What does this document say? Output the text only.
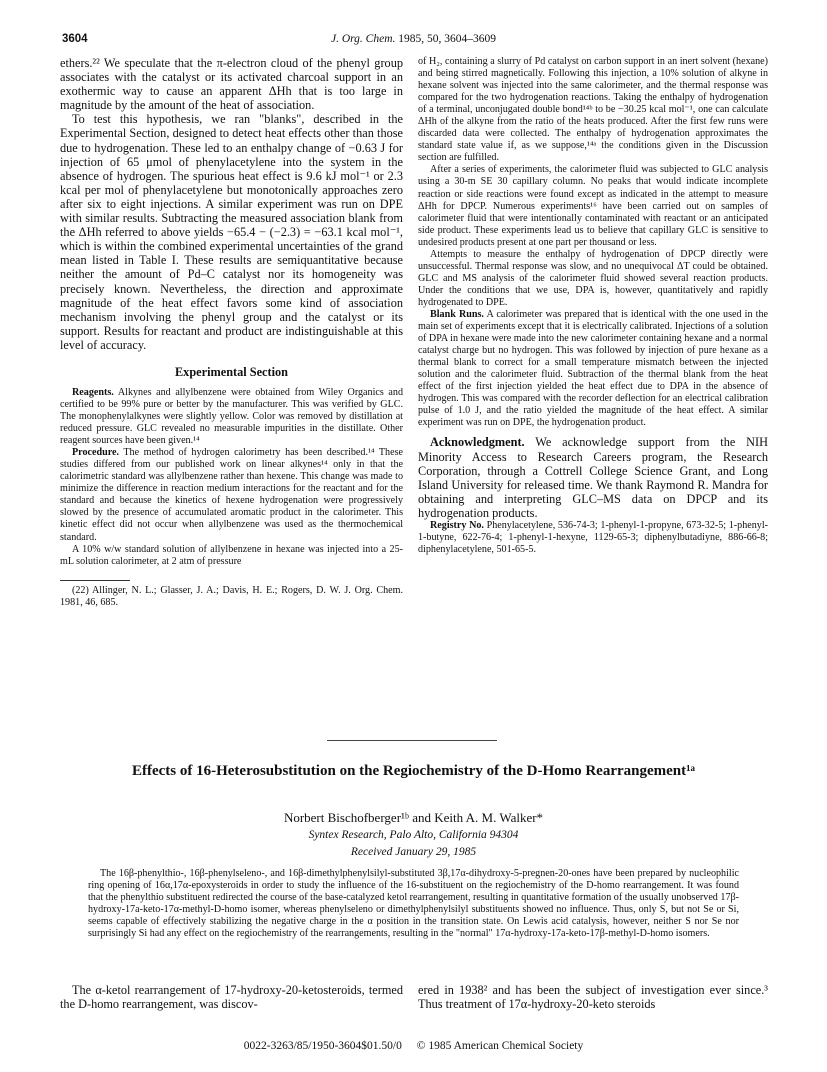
3604	J. Org. Chem. 1985, 50, 3604–3609

ethers.²² We speculate that the π-electron cloud of the phenyl group associates with the catalyst or its activated charcoal support in an exothermic way to cause an apparent ΔHh that is too large in magnitude by the amount of the heat of association.

To test this hypothesis, we ran "blanks", described in the Experimental Section, designed to detect heat effects other than those due to hydrogenation. These led to an enthalpy change of −0.63 J for injection of 65 μmol of phenylacetylene into the system in the absence of hydrogen. The spurious heat effect is 9.6 kJ mol⁻¹ or 2.3 kcal per mol of phenylacetylene but monotonically approaches zero after six to eight injections. A similar experiment was run on DPE with similar results. Subtracting the measured association blank from the ΔHh referred to above yields −65.4 − (−2.3) = −63.1 kcal mol⁻¹, which is within the combined experimental uncertainties of the grand mean listed in Table I. These results are semiquantitative because neither the amount of Pd–C catalyst nor its homogeneity was precisely known. Nevertheless, the direction and approximate magnitude of the heat effect favors some kind of association mechanism involving the phenyl group and the catalyst or its support. Results for reactant and product are indistinguishable at this level of accuracy.

Experimental Section

Reagents. Alkynes and allylbenzene were obtained from Wiley Organics and certified to be 99% pure or better by the manufacturer. This was verified by GLC. The monophenylalkynes were slightly yellow. Color was removed by distillation at reduced pressure. GLC revealed no measurable impurities in the distillate. Other reagent sources have been given.¹⁴

Procedure. The method of hydrogen calorimetry has been described.¹⁴ These studies differed from our published work on linear alkynes¹⁴ only in that the calorimetric standard was allylbenzene rather than hexene. This change was made to minimize the difference in reaction medium interactions for the reactant and for the standard and because the kinetics of hexene hydrogenation were progressively slowed by the presence of accumulated aromatic product in the calorimeter. This kinetic effect did not occur when allylbenzene was used as the thermochemical standard.

A 10% w/w standard solution of allylbenzene in hexane was injected into a 25-mL solution calorimeter, at 2 atm of pressure

(22) Allinger, N. L.; Glasser, J. A.; Davis, H. E.; Rogers, D. W. J. Org. Chem. 1981, 46, 685.

of H₂, containing a slurry of Pd catalyst on carbon support in an inert solvent (hexane) and being stirred magnetically. Following this injection, a 10% solution of alkyne in hexane solvent was injected into the same calorimeter, and the thermal response was compared for the two hydrogenation reactions. Taking the enthalpy of hydrogenation of a terminal, unconjugated double bond¹⁴ᵇ to be −30.25 kcal mol⁻¹, one can calculate ΔHh of the alkyne from the ratio of the heats produced. After the first few runs were discarded data were collected. The enthalpy of hydrogenation approximates the standard state value if, as we suppose,¹⁴ᵃ the conditions given in the Discussion section are fulfilled.

After a series of experiments, the calorimeter fluid was subjected to GLC analysis using a 30-m SE 30 capillary column. No peaks that would indicate incomplete reaction or side reactions were found except as indicated in the attempt to measure ΔHh for DPCP. Numerous experiments¹⁶ have been carried out on samples of calorimeter fluid that were intentionally contaminated with reactant or an anticipated side product. These experiments lead us to believe that capillary GLC is sensitive to undesired products present at one part per thousand or less.

Attempts to measure the enthalpy of hydrogenation of DPCP directly were unsuccessful. Thermal response was slow, and no unequivocal ΔT could be obtained. GLC and MS analysis of the calorimeter fluid showed several reaction products. Under the conditions that we use, DPA is, however, quantitatively and rapidly hydrogenated to DPE.

Blank Runs. A calorimeter was prepared that is identical with the one used in the main set of experiments except that it is electrically calibrated. Injections of a solution of DPA in hexane were made into the new calorimeter containing hexane and a normal catalyst charge but no hydrogen. This was followed by injection of pure hexane as a thermal blank to correct for a small temperature mismatch between the injected solution and the calorimeter fluid. Subtraction of the thermal blank from the heat effect of the first injection yielded the heat effect due to DPA in the absence of hydrogen. This was compared with the recorder deflection for an electrical calibration pulse of 1.0 J, and the ratio yielded the magnitude of the heat effect. A similar experiment was run on DPE, the hydrogenation product.

Acknowledgment. We acknowledge support from the NIH Minority Access to Research Careers program, the Research Corporation, through a Cottrell College Science Grant, and Long Island University for released time. We thank Raymond R. Mandra for obtaining and interpreting GLC–MS data on DPCP and its hydrogenation products.

Registry No. Phenylacetylene, 536-74-3; 1-phenyl-1-propyne, 673-32-5; 1-phenyl-1-butyne, 622-76-4; 1-phenyl-1-hexyne, 1129-65-3; diphenylbutadiyne, 886-66-8; diphenylacetylene, 501-65-5.

Effects of 16-Heterosubstitution on the Regiochemistry of the D-Homo Rearrangement¹ᵃ
Norbert Bischofberger¹ᵇ and Keith A. M. Walker*
Syntex Research, Palo Alto, California 94304
Received January 29, 1985

The 16β-phenylthio-, 16β-phenylseleno-, and 16β-dimethylphenylsilyl-substituted 3β,17α-dihydroxy-5-pregnen-20-ones have been prepared by nucleophilic ring opening of 16α,17α-epoxysteroids in order to study the influence of the 16-substituent on the regiochemistry of the D-homo rearrangement. It was found that the phenylthio substituent redirected the course of the base-catalyzed ketol rearrangement, resulting in quantitative formation of the usually unobserved 17β-hydroxy-17a-keto-17α-methyl-D-homo isomer, whereas phenylseleno or dimethylphenylsilyl substituents showed no influence. Thus, only S, but not Se or Si, seems capable of effectively stabilizing the negative charge in the α position in the transition state. On Lewis acid catalysis, however, neither S nor Se nor surprisingly Si had any effect on the regiochemistry of the rearrangements, resulting in the "normal" 17α-hydroxy-17a-keto-17β-methyl-D-homo isomers.

The α-ketol rearrangement of 17-hydroxy-20-ketosteroids, termed the D-homo rearrangement, was discov-

ered in 1938² and has been the subject of investigation ever since.³ Thus treatment of 17α-hydroxy-20-keto steroids

0022-3263/85/1950-3604$01.50/0 © 1985 American Chemical Society
